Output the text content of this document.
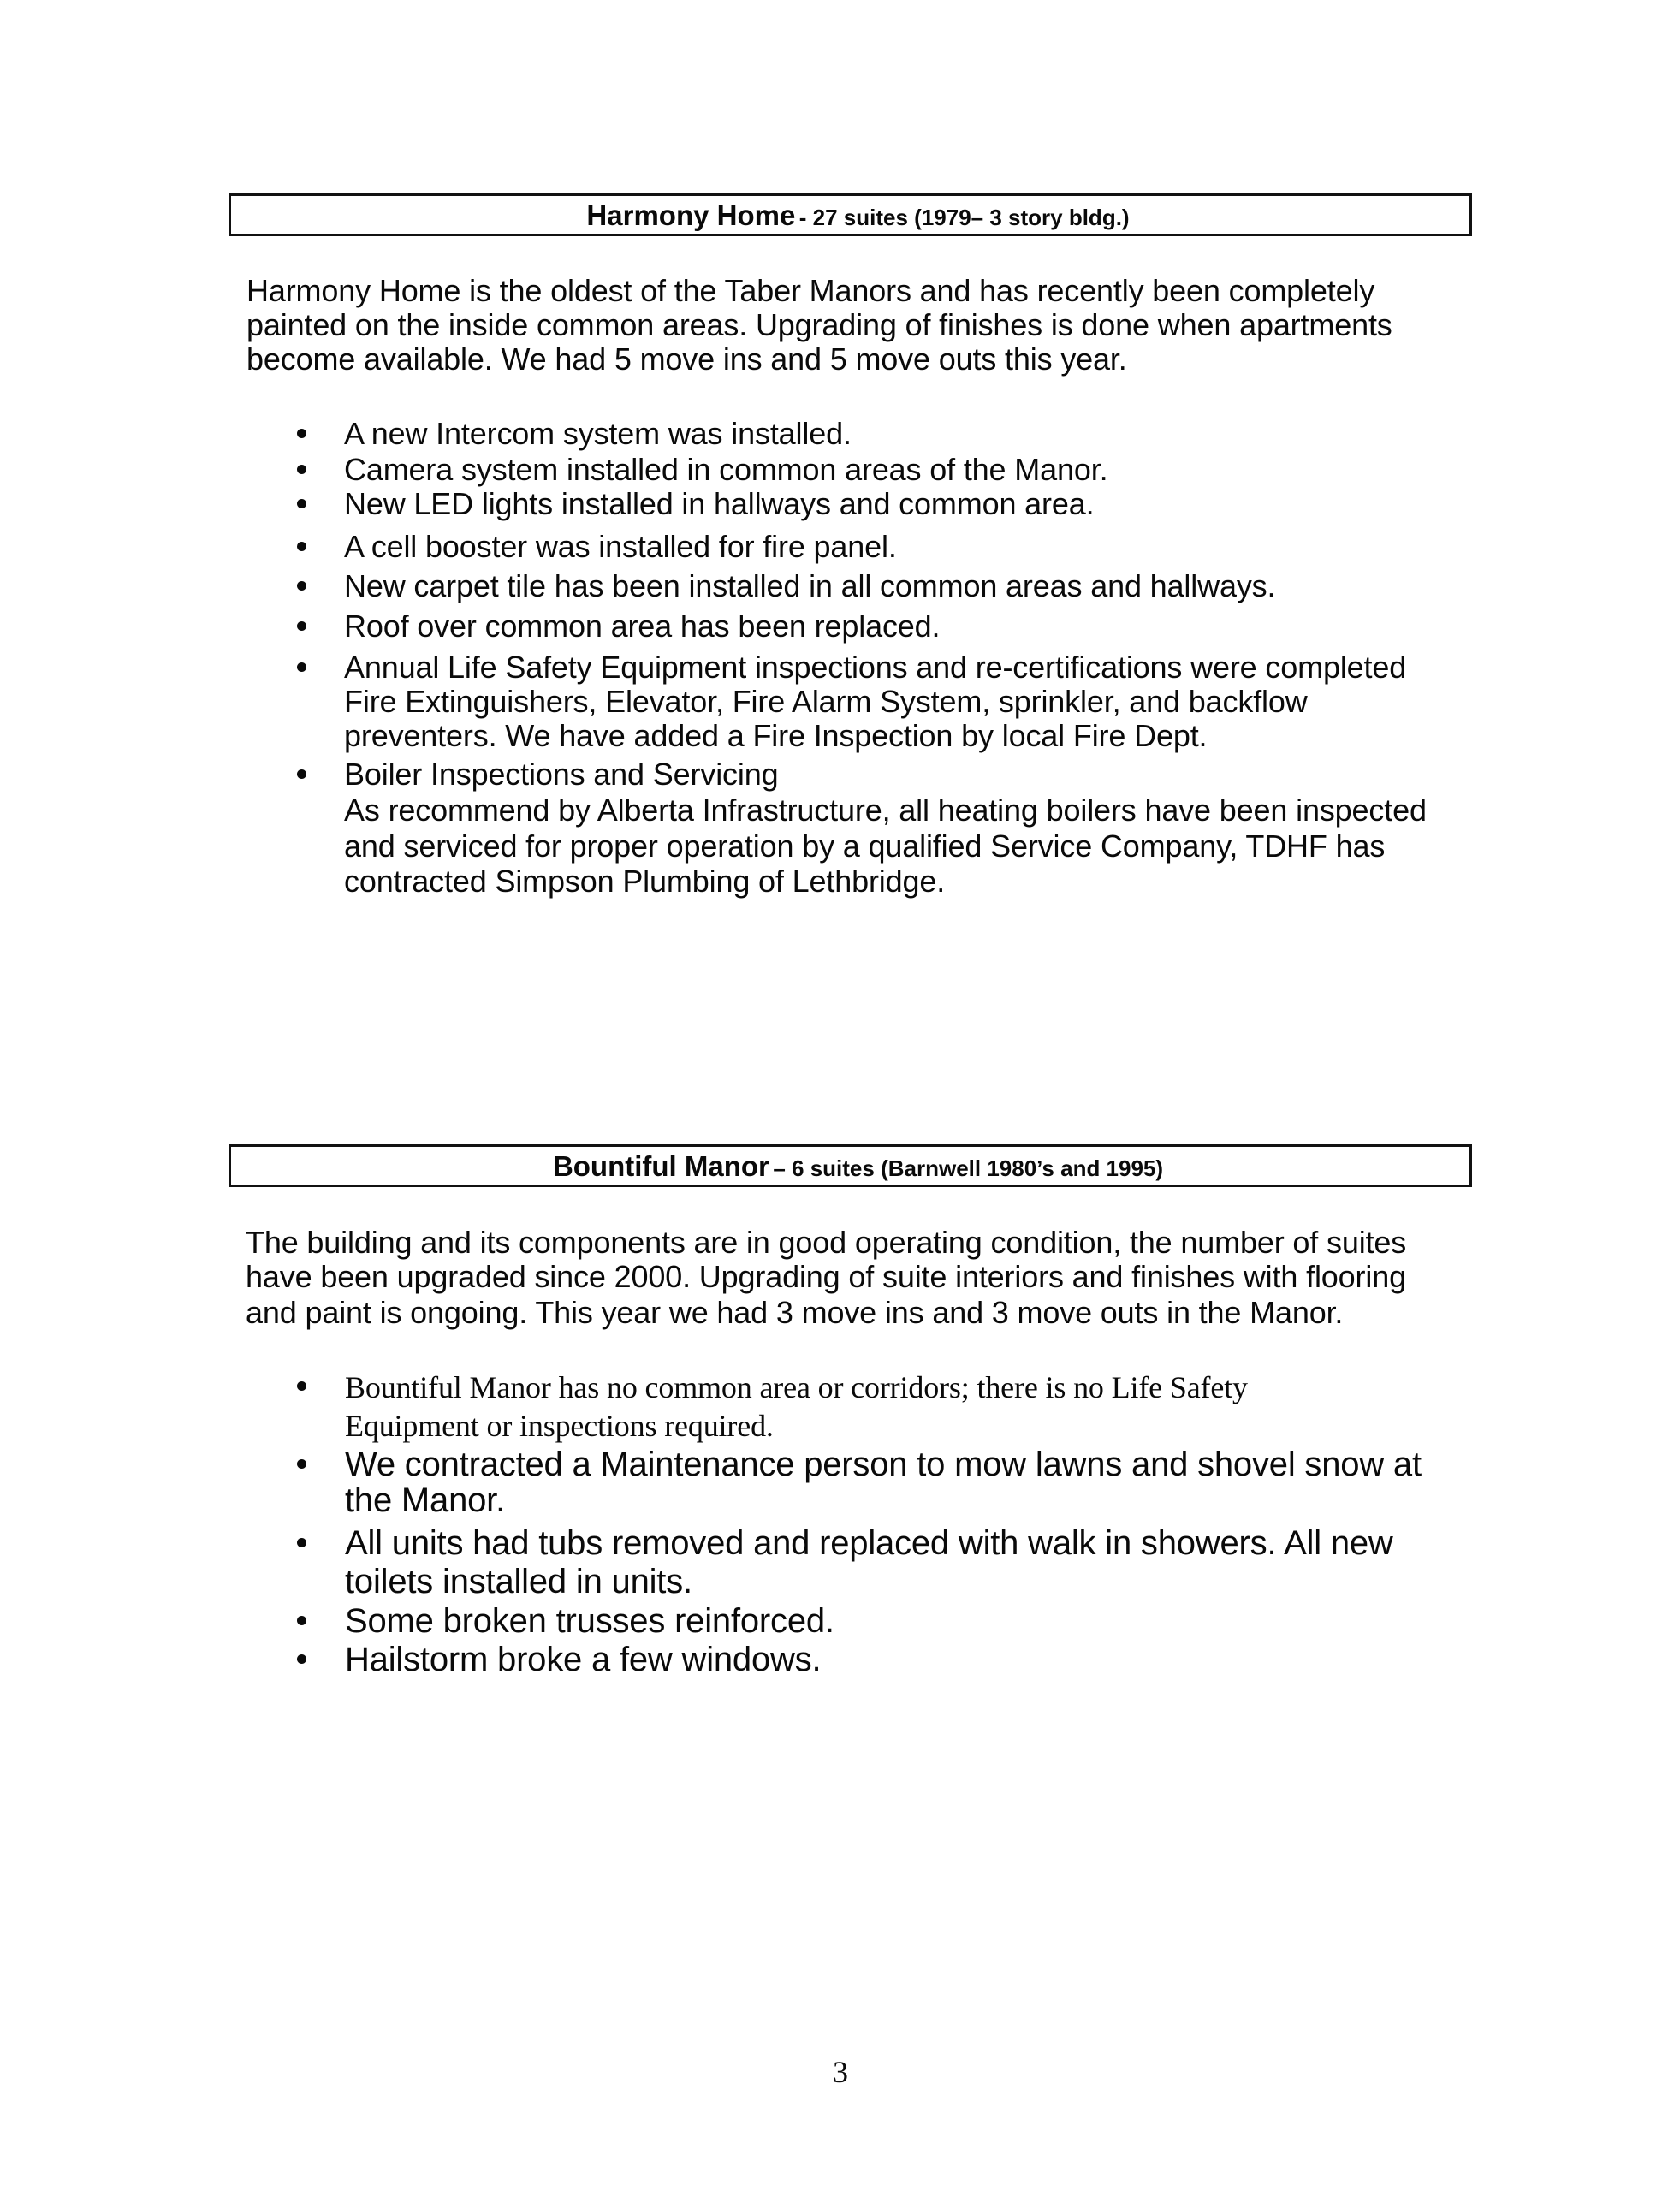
Harmony Home - 27 suites (1979– 3 story bldg.)
Harmony Home is the oldest of the Taber Manors and has recently been completely
painted on the inside common areas. Upgrading of finishes is done when apartments
become available. We had 5 move ins and 5 move outs this year.
A new Intercom system was installed.
Camera system installed in common areas of the Manor.
New LED lights installed in hallways and common area.
A cell booster was installed for fire panel.
New carpet tile has been installed in all common areas and hallways.
Roof over common area has been replaced.
Annual Life Safety Equipment inspections and re-certifications were completed
Fire Extinguishers, Elevator, Fire Alarm System, sprinkler, and backflow
preventers. We have added a Fire Inspection by local Fire Dept.
Boiler Inspections and Servicing
As recommend by Alberta Infrastructure, all heating boilers have been inspected
and serviced for proper operation by a qualified Service Company, TDHF has
contracted Simpson Plumbing of Lethbridge.
Bountiful Manor – 6 suites (Barnwell 1980’s and 1995)
The building and its components are in good operating condition, the number of suites
have been upgraded since 2000. Upgrading of suite interiors and finishes with flooring
and paint is ongoing. This year we had 3 move ins and 3 move outs in the Manor.
Bountiful Manor has no common area or corridors; there is no Life Safety
Equipment or inspections required.
We contracted a Maintenance person to mow lawns and shovel snow at
the Manor.
All units had tubs removed and replaced with walk in showers. All new
toilets installed in units.
Some broken trusses reinforced.
Hailstorm broke a few windows.
3
